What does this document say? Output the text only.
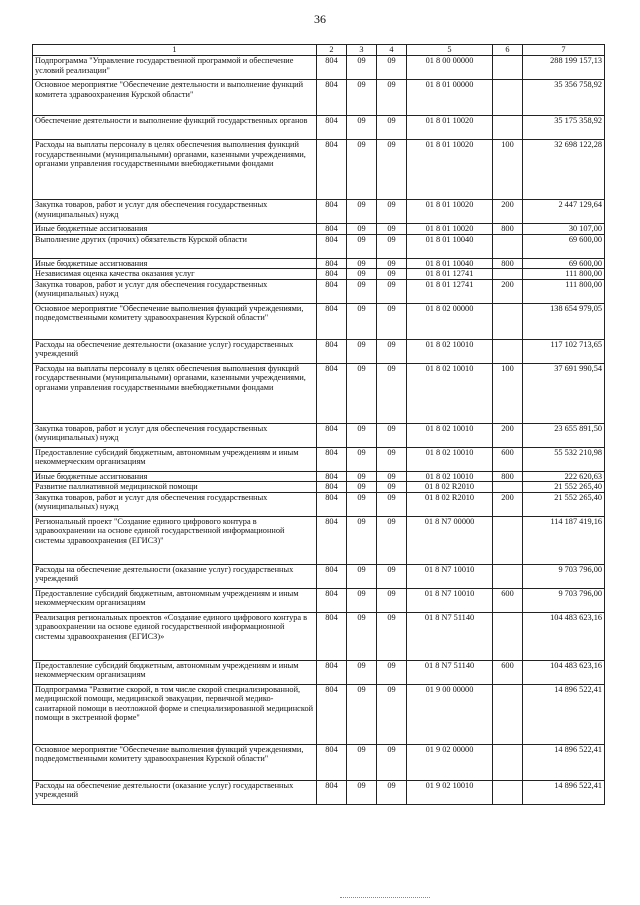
36
1	2	3	4	5	6	7
Подпрограмма "Управление государственной программой и обеспечение условий реализации"	804	09	09	01 8 00 00000		288 199 157,13
Основное мероприятие "Обеспечение деятельности и выполнение функций комитета здравоохранения Курской области"	804	09	09	01 8 01 00000		35 356 758,92
Обеспечение деятельности и выполнение функций государственных органов	804	09	09	01 8 01 10020		35 175 358,92
Расходы на выплаты персоналу в целях обеспечения выполнения функций государственными (муниципальными) органами, казенными учреждениями, органами управления государственными внебюджетными фондами	804	09	09	01 8 01 10020	100	32 698 122,28
Закупка товаров, работ и услуг для обеспечения государственных (муниципальных) нужд	804	09	09	01 8 01 10020	200	2 447 129,64
Иные бюджетные ассигнования	804	09	09	01 8 01 10020	800	30 107,00
Выполнение других (прочих) обязательств Курской области	804	09	09	01 8 01 10040		69 600,00
Иные бюджетные ассигнования	804	09	09	01 8 01 10040	800	69 600,00
Независимая оценка качества оказания услуг	804	09	09	01 8 01 12741		111 800,00
Закупка товаров, работ и услуг для обеспечения государственных (муниципальных) нужд	804	09	09	01 8 01 12741	200	111 800,00
Основное мероприятие "Обеспечение выполнения функций учреждениями, подведомственными комитету здравоохранения Курской области"	804	09	09	01 8 02 00000		138 654 979,05
Расходы на обеспечение деятельности (оказание услуг) государственных учреждений	804	09	09	01 8 02 10010		117 102 713,65
Расходы на выплаты персоналу в целях обеспечения выполнения функций государственными (муниципальными) органами, казенными учреждениями, органами управления государственными внебюджетными фондами	804	09	09	01 8 02 10010	100	37 691 990,54
Закупка товаров, работ и услуг для обеспечения государственных (муниципальных) нужд	804	09	09	01 8 02 10010	200	23 655 891,50
Предоставление субсидий бюджетным, автономным учреждениям и иным некоммерческим организациям	804	09	09	01 8 02 10010	600	55 532 210,98
Иные бюджетные ассигнования	804	09	09	01 8 02 10010	800	222 620,63
Развитие паллиативной медицинской помощи	804	09	09	01 8 02 R2010		21 552 265,40
Закупка товаров, работ и услуг для обеспечения государственных (муниципальных) нужд	804	09	09	01 8 02 R2010	200	21 552 265,40
Региональный проект "Создание единого цифрового контура в здравоохранении на основе единой государственной информационной системы здравоохранения (ЕГИСЗ)"	804	09	09	01 8 N7 00000		114 187 419,16
Расходы на обеспечение деятельности (оказание услуг) государственных учреждений	804	09	09	01 8 N7 10010		9 703 796,00
Предоставление субсидий бюджетным, автономным учреждениям и иным некоммерческим организациям	804	09	09	01 8 N7 10010	600	9 703 796,00
Реализация региональных проектов «Создание единого цифрового контура в здравоохранении на основе единой государственной информационной системы здравоохранения (ЕГИСЗ)»	804	09	09	01 8 N7 51140		104 483 623,16
Предоставление субсидий бюджетным, автономным учреждениям и иным некоммерческим организациям	804	09	09	01 8 N7 51140	600	104 483 623,16
Подпрограмма "Развитие скорой, в том числе скорой специализированной, медицинской помощи, медицинской эвакуации, первичной медико-санитарной помощи в неотложной форме и специализированной медицинской помощи в экстренной форме"	804	09	09	01 9 00 00000		14 896 522,41
Основное мероприятие "Обеспечение выполнения функций учреждениями, подведомственными комитету здравоохранения Курской области"	804	09	09	01 9 02 00000		14 896 522,41
Расходы на обеспечение деятельности (оказание услуг) государственных учреждений	804	09	09	01 9 02 10010		14 896 522,41
